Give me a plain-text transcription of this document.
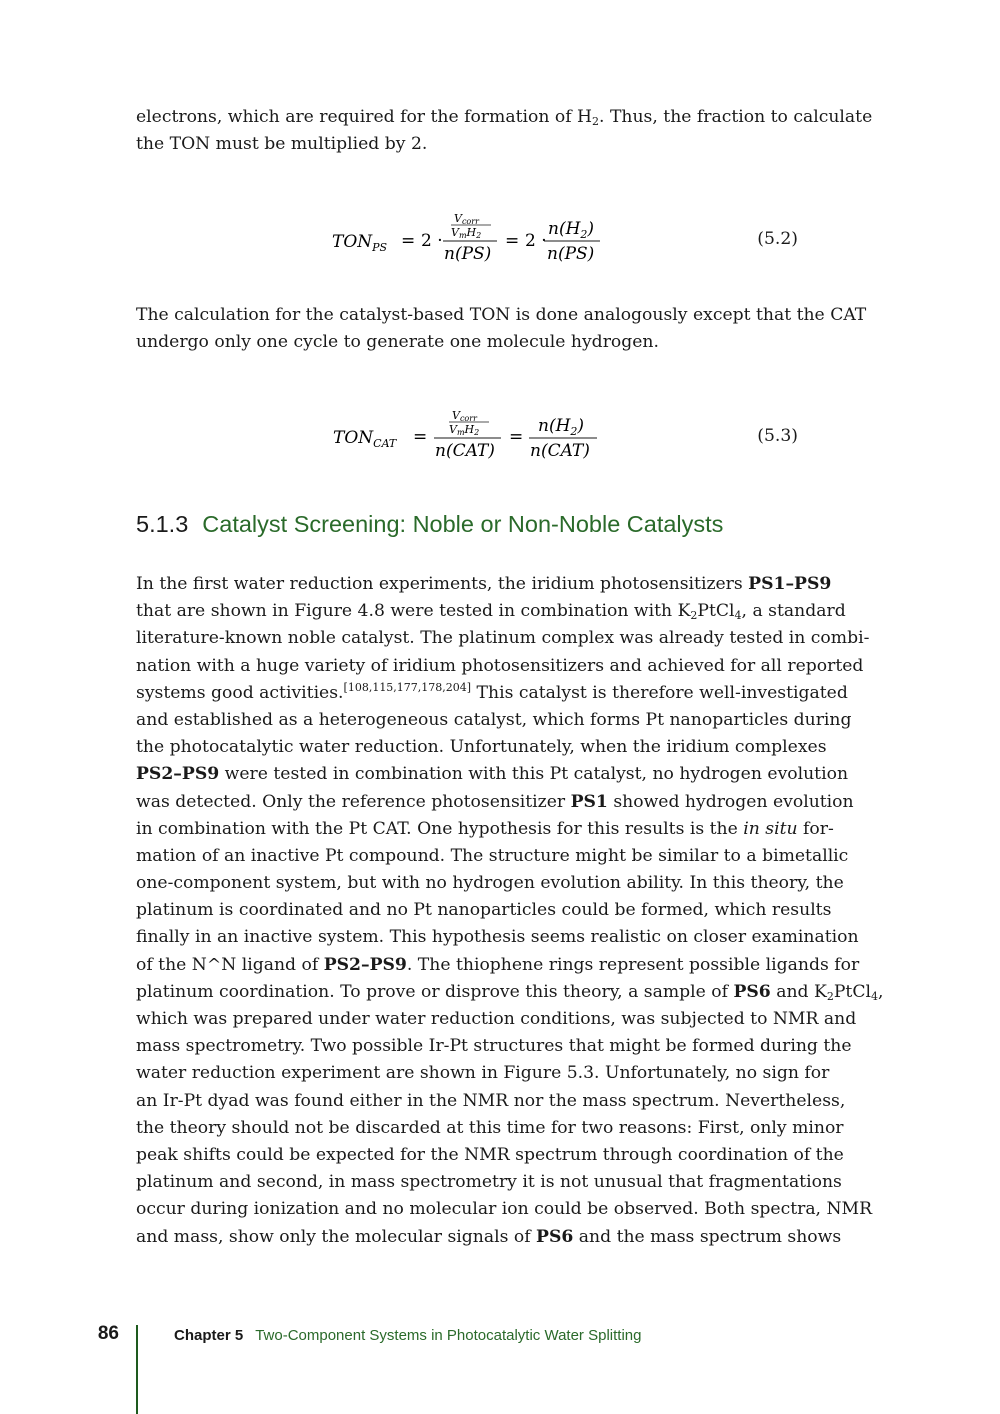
electrons, which are required for the formation of $H_2$. Thus, the fraction to calculate
the TON must be multiplied by 2.
$TON_{PS} = 2$ ·
Vcorr
VmH2
n(PS)
= 2 ·
$n(H_2)$
n(PS)
(5.2)
The calculation for the catalyst-based TON is done analogously except that the CAT
undergo only one cycle to generate one molecule hydrogen.
$TON_{CAT}$ =
Vcorr
VmH2
n(CAT)
=
$n(H_2)$
n(CAT)
(5.3)
5.1.3 Catalyst Screening: Noble or Non-Noble Catalysts
In the first water reduction experiments, the iridium photosensitizers PS1–PS9
that are shown in Figure 4.8 were tested in combination with $K_2PtCl_4$, a standard
literature-known noble catalyst. The platinum complex was already tested in combi-
nation with a huge variety of iridium photosensitizers and achieved for all reported
systems good activities.[108,115,177,178,204] This catalyst is therefore well-investigated
and established as a heterogeneous catalyst, which forms Pt nanoparticles during
the photocatalytic water reduction. Unfortunately, when the iridium complexes
PS2–PS9 were tested in combination with this Pt catalyst, no hydrogen evolution
was detected. Only the reference photosensitizer PS1 showed hydrogen evolution
in combination with the Pt CAT. One hypothesis for this results is the in situ for-
mation of an inactive Pt compound. The structure might be similar to a bimetallic
one-component system, but with no hydrogen evolution ability. In this theory, the
platinum is coordinated and no Pt nanoparticles could be formed, which results
finally in an inactive system. This hypothesis seems realistic on closer examination
of the N^N ligand of PS2–PS9. The thiophene rings represent possible ligands for
platinum coordination. To prove or disprove this theory, a sample of PS6 and $K_2PtCl_4$,
which was prepared under water reduction conditions, was subjected to NMR and
mass spectrometry. Two possible Ir-Pt structures that might be formed during the
water reduction experiment are shown in Figure 5.3. Unfortunately, no sign for
an Ir-Pt dyad was found either in the NMR nor the mass spectrum. Nevertheless,
the theory should not be discarded at this time for two reasons: First, only minor
peak shifts could be expected for the NMR spectrum through coordination of the
platinum and second, in mass spectrometry it is not unusual that fragmentations
occur during ionization and no molecular ion could be observed. Both spectra, NMR
and mass, show only the molecular signals of PS6 and the mass spectrum shows
86	Chapter 5 Two-Component Systems in Photocatalytic Water Splitting
